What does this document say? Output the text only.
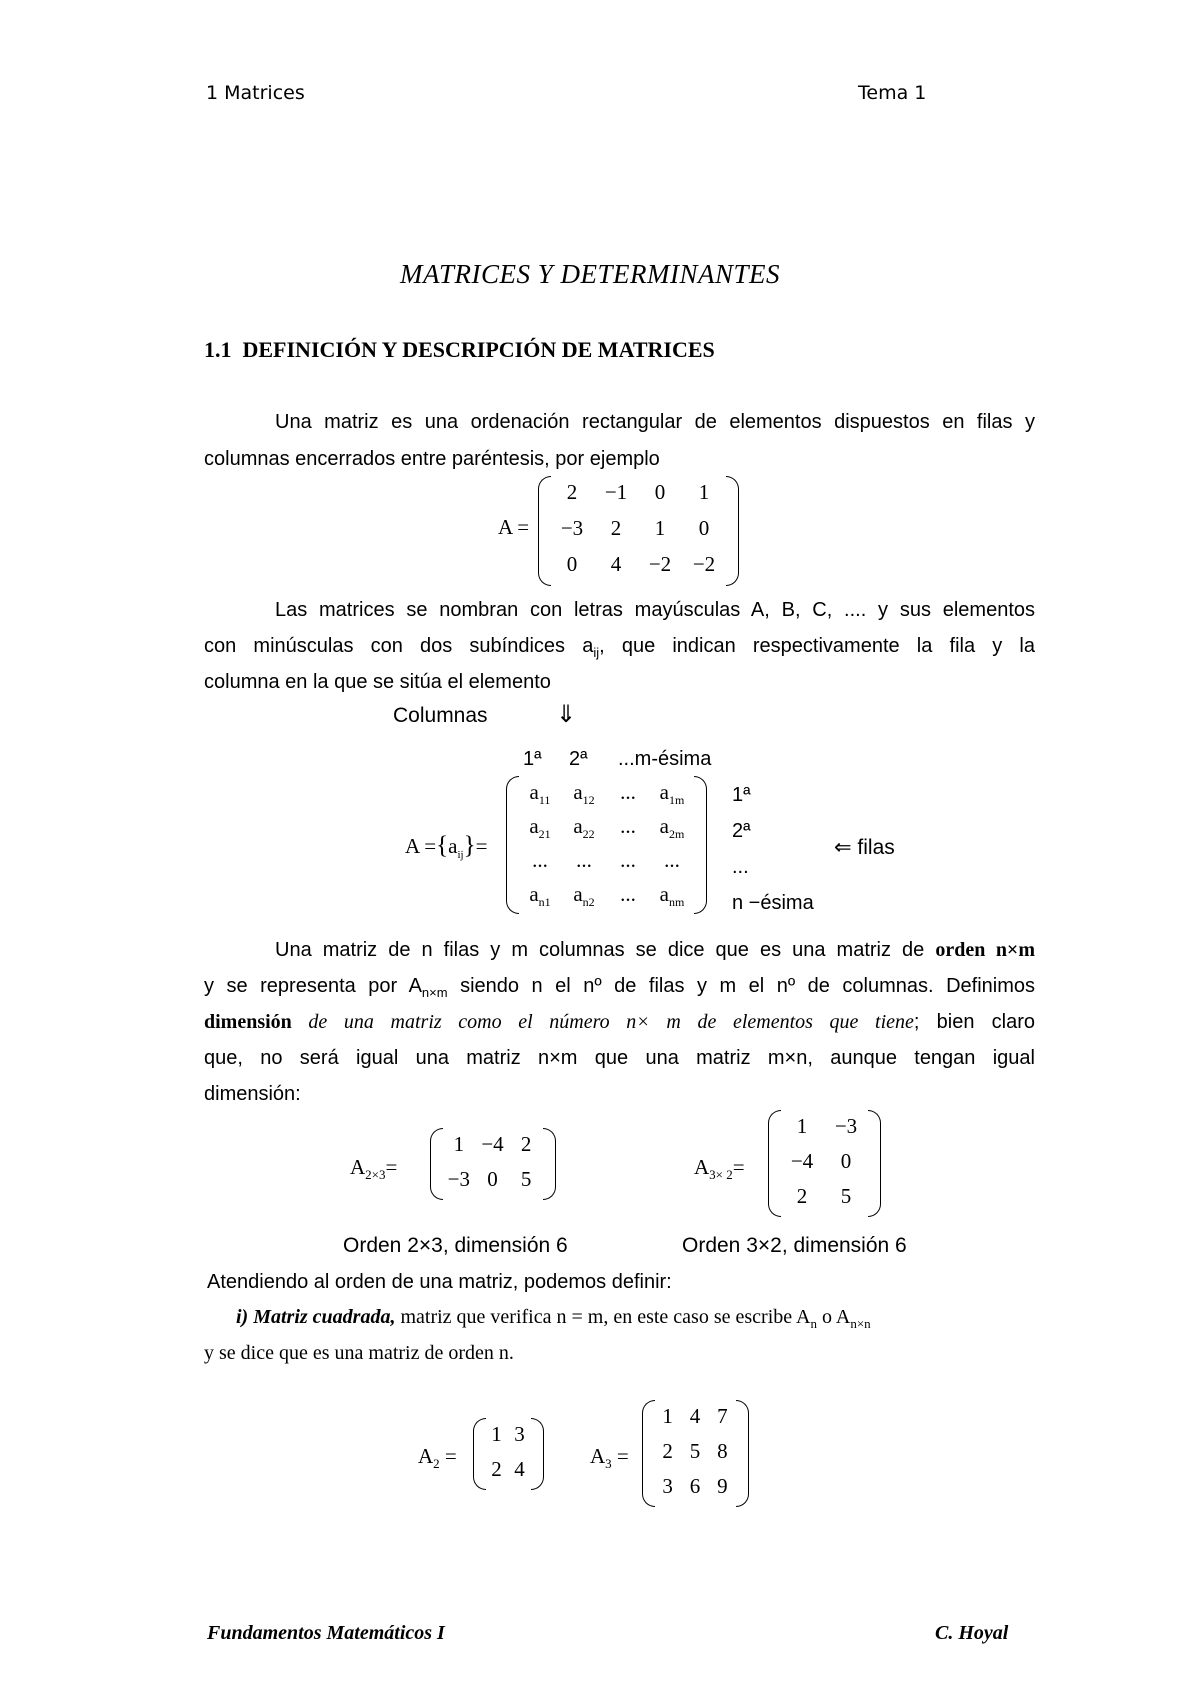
1 Matrices	Tema 1
MATRICES Y DETERMINANTES
1.1 DEFINICIÓN Y DESCRIPCIÓN DE MATRICES
Una matriz es una ordenación rectangular de elementos dispuestos en filas y
columnas encerrados entre paréntesis, por ejemplo
A =
2	−1	0	1
−3	2	1	0
0	4	−2	−2
Las matrices se nombran con letras mayúsculas A, B, C, .... y sus elementos
con minúsculas con dos subíndices $a_{ij}$, que indican respectivamente la fila y la
columna en la que se sitúa el elemento
Columnas	⇓
1ª 2ª ...m-ésima
$A =\{a_{ij}\}=$
$a_{11}$	$a_{12}$	...	$a_{1m}$
$a_{21}$	$a_{22}$	...	$a_{2m}$
...	...	...	...
$a_{n1}$	$a_{n2}$	...	$a_{nm}$
1ª
2ª
...
n −ésima
⇐ filas
Una matriz de n filas y m columnas se dice que es una matriz de orden n×m
y se representa por $A_{n\times m}$ siendo n el nº de filas y m el nº de columnas. Definimos
dimensión de una matriz como el número n× m de elementos que tiene; bien claro
que, no será igual una matriz n×m que una matriz m×n, aunque tengan igual
dimensión:
$A_{2\times 3}=$
1 −4 2
−3 0	5
Orden 2×3, dimensión 6
$A_{3\times 2}=$
1	−3
−4	0
2	5
Orden 3×2, dimensión 6
Atendiendo al orden de una matriz, podemos definir:
i) Matriz cuadrada, matriz que verifica n = m, en este caso se escribe $A_n$ o $A_{n\times n}$
y se dice que es una matriz de orden n.
$A_2$ =
1 3
2 4
$A_3$ =
1 4 7
2 5 8
3 6 9
Fundamentos Matemáticos I	C. Hoyal
